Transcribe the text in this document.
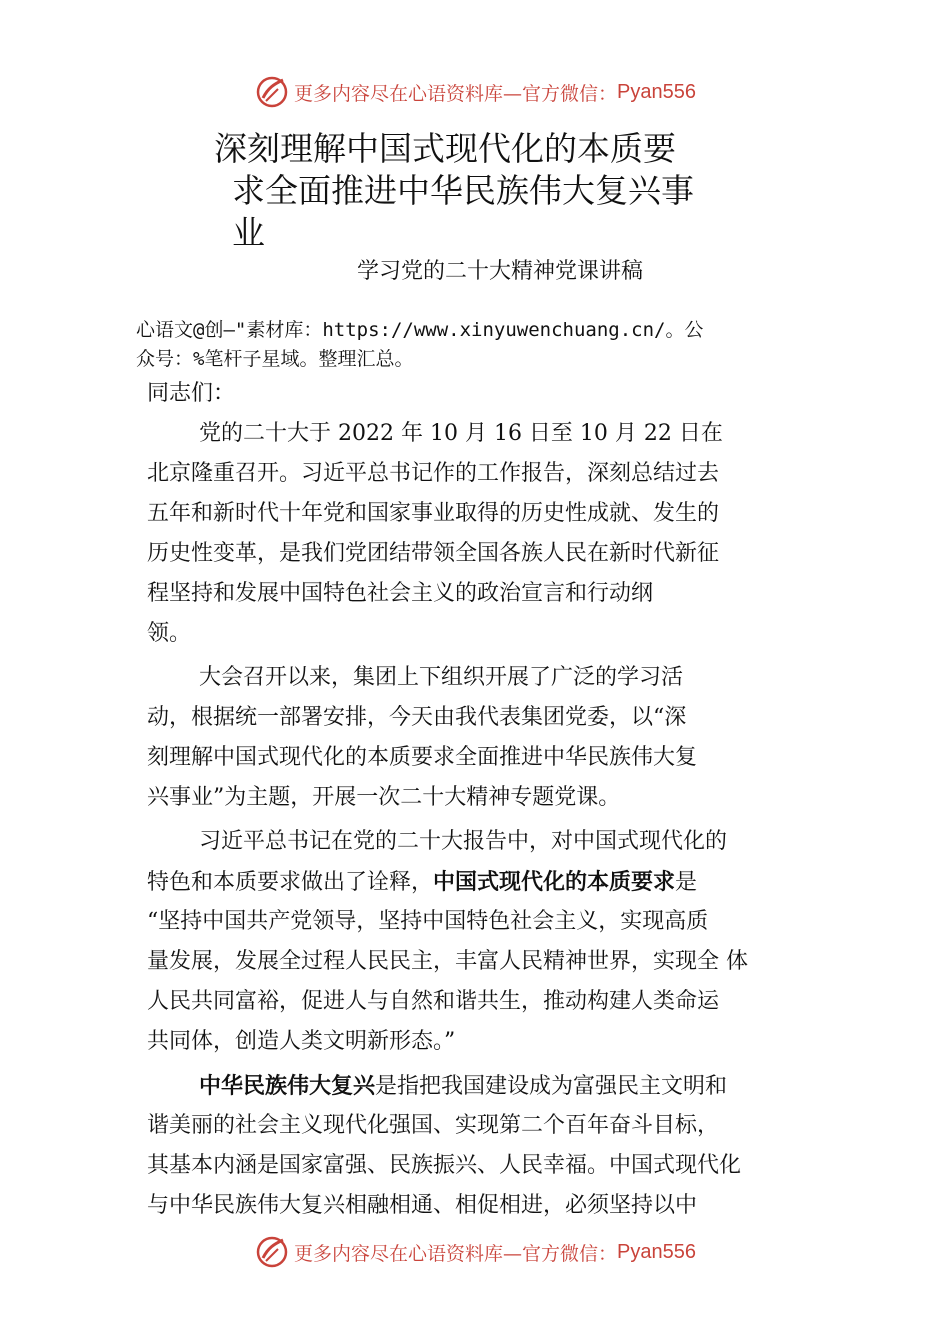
更多内容尽在心语资料库—官方微信： Pyan556
深刻理解中国式现代化的本质要
求全面推进中华民族伟大复兴事
业
学习党的二十大精神党课讲稿
心语文@创—"素材库：https://www.xinyuwenchuang.cn/。公
众号：%笔杆子星域。整理汇总。
同志们：
党的二十大于 2022 年 10 月 16 日至 10 月 22 日在
北京隆重召开。习近平总书记作的工作报告，深刻总结过去
五年和新时代十年党和国家事业取得的历史性成就、发生的
历史性变革，是我们党团结带领全国各族人民在新时代新征
程坚持和发展中国特色社会主义的政治宣言和行动纲
领。
大会召开以来，集团上下组织开展了广泛的学习活
动，根据统一部署安排，今天由我代表集团党委，以“深
刻理解中国式现代化的本质要求全面推进中华民族伟大复
兴事业”为主题，开展一次二十大精神专题党课。
习近平总书记在党的二十大报告中，对中国式现代化的
特色和本质要求做出了诠释，中国式现代化的本质要求是
“坚持中国共产党领导，坚持中国特色社会主义，实现高质
量发展，发展全过程人民民主，丰富人民精神世界，实现全 体
人民共同富裕，促进人与自然和谐共生，推动构建人类命运
共同体，创造人类文明新形态。”
中华民族伟大复兴是指把我国建设成为富强民主文明和
谐美丽的社会主义现代化强国、实现第二个百年奋斗目标，
其基本内涵是国家富强、民族振兴、人民幸福。中国式现代化
与中华民族伟大复兴相融相通、相促相进，必须坚持以中
更多内容尽在心语资料库—官方微信： Pyan556
